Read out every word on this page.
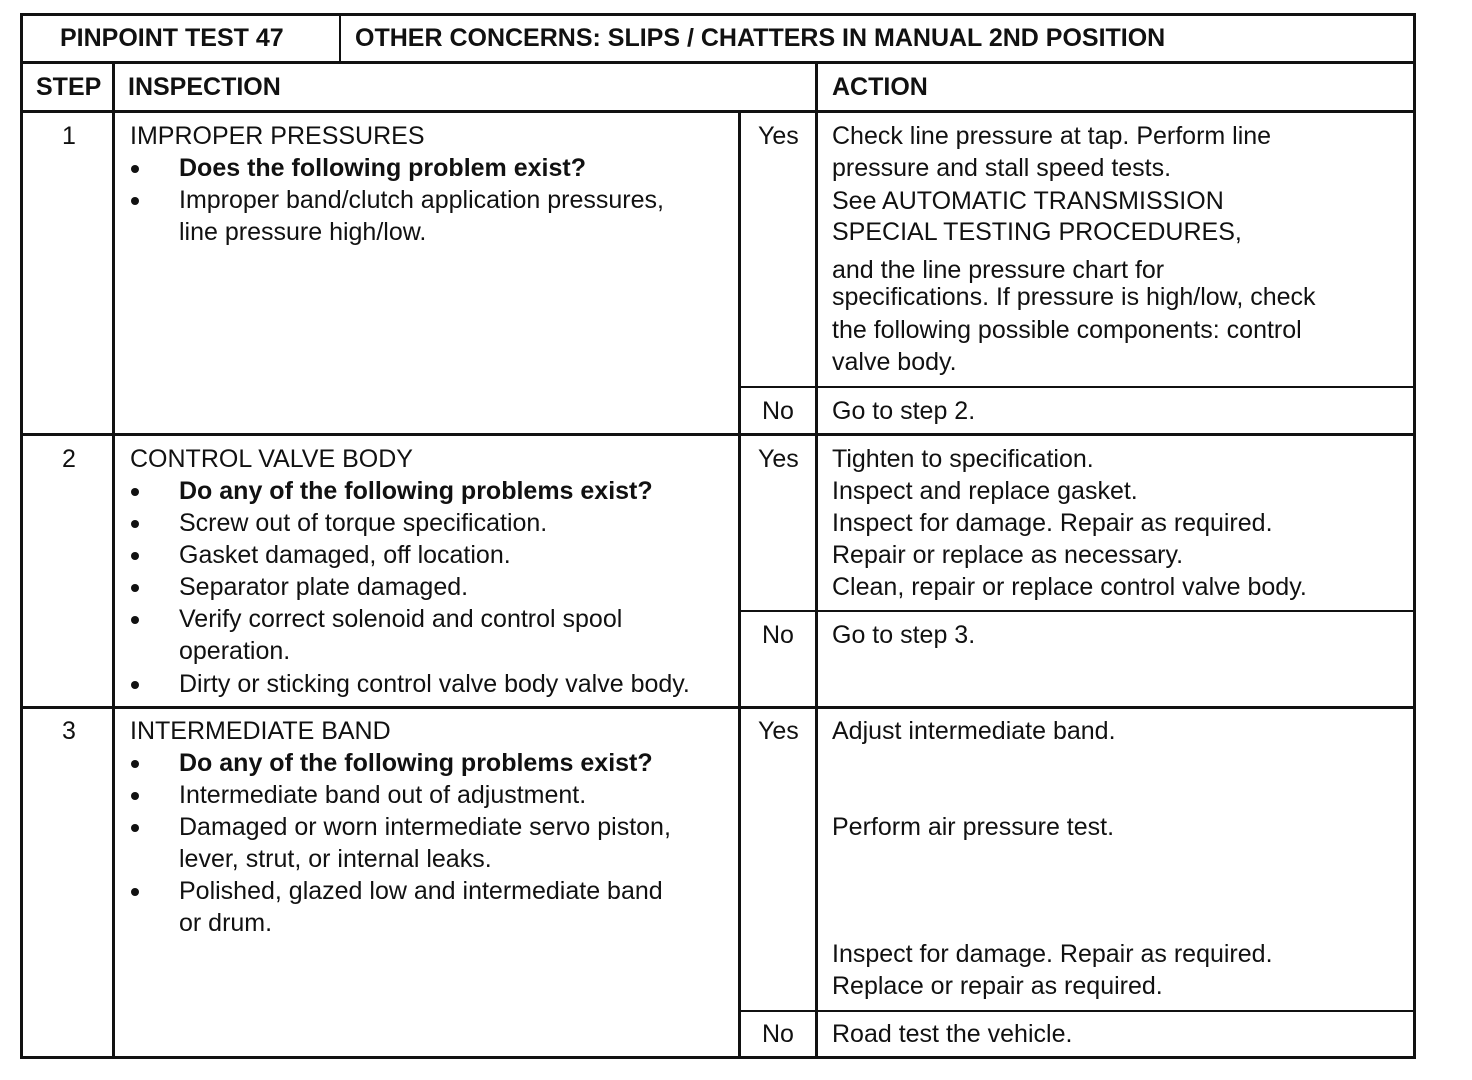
PINPOINT TEST 47	OTHER CONCERNS: SLIPS / CHATTERS IN MANUAL 2ND POSITION
STEP INSPECTION	ACTION
1 IMPROPER PRESSURES
Does the following problem exist?
Improper band/clutch application pressures,
line pressure high/low.
Yes Check line pressure at tap. Perform line
pressure and stall speed tests.
See AUTOMATIC TRANSMISSION
SPECIAL TESTING PROCEDURES,
and the line pressure chart for
specifications. If pressure is high/low, check
the following possible components: control
valve body.
No Go to step 2.
2 CONTROL VALVE BODY
Do any of the following problems exist?
Screw out of torque specification.
Gasket damaged, off location.
Separator plate damaged.
Verify correct solenoid and control spool
operation.
Dirty or sticking control valve body valve body.
Yes Tighten to specification.
Inspect and replace gasket.
Inspect for damage. Repair as required.
Repair or replace as necessary.
Clean, repair or replace control valve body.
No Go to step 3.
3 INTERMEDIATE BAND
Do any of the following problems exist?
Intermediate band out of adjustment.
Damaged or worn intermediate servo piston,
lever, strut, or internal leaks.
Polished, glazed low and intermediate band
or drum.
Yes Adjust intermediate band.
Perform air pressure test.
Inspect for damage. Repair as required.
Replace or repair as required.
No Road test the vehicle.
